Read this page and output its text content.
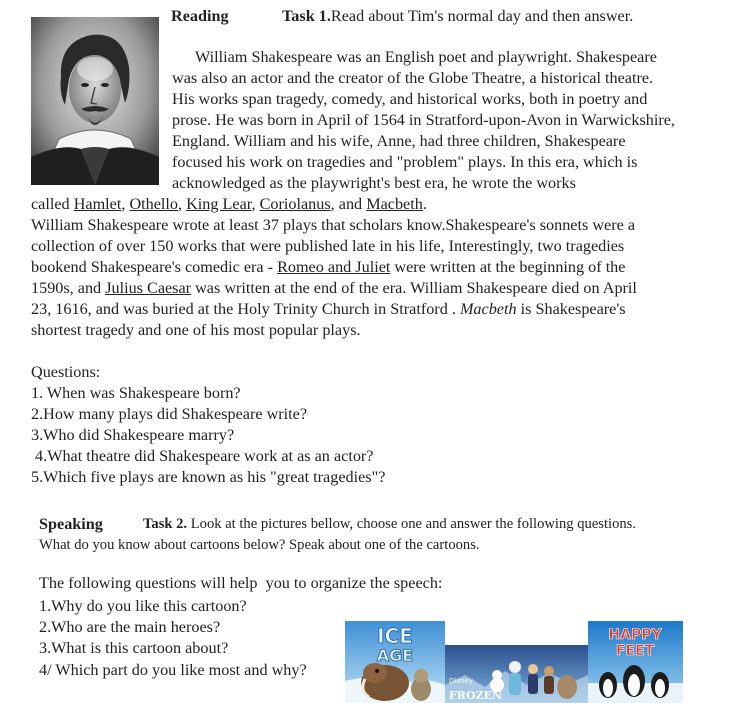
Reading	Task 1.Read about Tim's normal day and then answer.
William Shakespeare was an English poet and playwright. Shakespeare
was also an actor and the creator of the Globe Theatre, a historical theatre.
His works span tragedy, comedy, and historical works, both in poetry and
prose. He was born in April of 1564 in Stratford-upon-Avon in Warwickshire,
England. William and his wife, Anne, had three children, Shakespeare
focused his work on tragedies and "problem" plays. In this era, which is
acknowledged as the playwright's best era, he wrote the works
called Hamlet, Othello, King Lear, Coriolanus, and Macbeth.
William Shakespeare wrote at least 37 plays that scholars know.Shakespeare's sonnets were a
collection of over 150 works that were published late in his life, Interestingly, two tragedies
bookend Shakespeare's comedic era - Romeo and Juliet were written at the beginning of the
1590s, and Julius Caesar was written at the end of the era. William Shakespeare died on April
23, 1616, and was buried at the Holy Trinity Church in Stratford . Macbeth is Shakespeare's
shortest tragedy and one of his most popular plays.
Questions:
1. When was Shakespeare born?
2.How many plays did Shakespeare write?
3.Who did Shakespeare marry?
4.What theatre did Shakespeare work at as an actor?
5.Which five plays are known as his "great tragedies"?
Speaking	Task 2. Look at the pictures bellow, choose one and answer the following questions.
What do you know about cartoons below? Speak about one of the cartoons.
The following questions will help  you to organize the speech:
1.Why do you like this cartoon?
2.Who are the main heroes?
3.What is this cartoon about?
4/ Which part do you like most and why?
ICE
AGE
Disney
FROZEN
HAPPY
FEET
